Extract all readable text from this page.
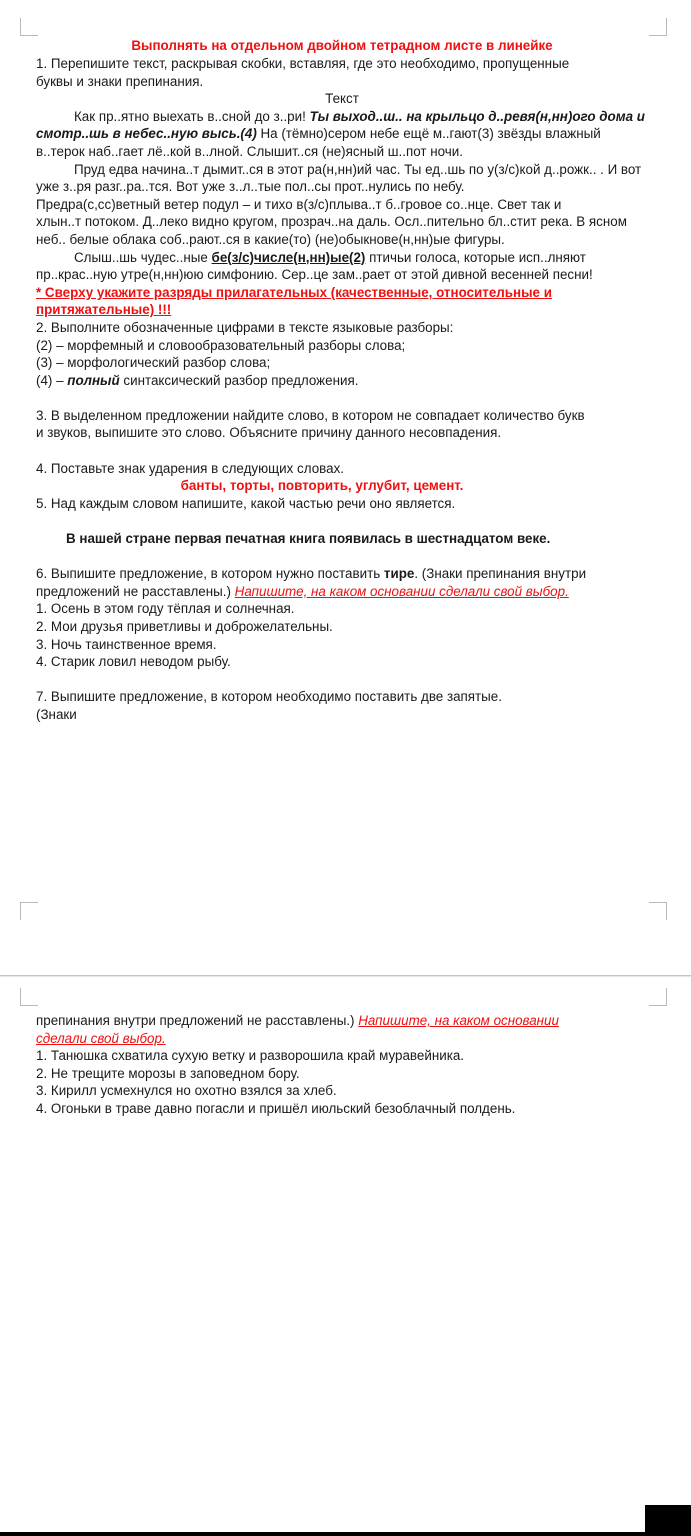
Выполнять на отдельном двойном тетрадном листе в линейке

1. Перепишите текст, раскрывая скобки, вставляя, где это необходимо, пропущенные

буквы и знаки препинания.

Текст

Как пр..ятно выехать в..сной до з..ри! Ты выход..ш.. на крыльцо д..ревя(н,нн)ого дома и смотр..шь в небес..ную высь.(4) На (тёмно)сером небе ещё м..гают(3) звёзды влажный в..терок наб..гает лё..кой в..лной. Слышит..ся (не)ясный ш..пот ночи.

Пруд едва начина..т дымит..ся в этот ра(н,нн)ий час. Ты ед..шь по у(з/с)кой д..рожк.. . И вот уже з..ря разг..ра..тся. Вот уже з..л..тые пол..сы прот..нулись по небу.

Предра(с,сс)ветный ветер подул – и тихо в(з/с)плыва..т б..гровое со..нце. Свет так и

хлын..т потоком. Д..леко видно кругом, прозрач..на даль. Осл..пительно бл..стит река. В ясном неб.. белые облака соб..рают..ся в какие(то) (не)обыкнове(н,нн)ые фигуры.

Слыш..шь чудес..ные бе(з/с)числе(н,нн)ые(2) птичьи голоса, которые исп..лняют пр..крас..ную утре(н,нн)юю симфонию. Сер..це зам..рает от этой дивной весенней песни!

* Сверху укажите разряды прилагательных (качественные, относительные и притяжательные) !!!

2. Выполните обозначенные цифрами в тексте языковые разборы:

(2) – морфемный и словообразовательный разборы слова;

(3) – морфологический разбор слова;

(4) – полный синтаксический разбор предложения.

3. В выделенном предложении найдите слово, в котором не совпадает количество букв

и звуков, выпишите это слово. Объясните причину данного несовпадения.

4. Поставьте знак ударения в следующих словах.

банты, торты, повторить, углубит, цемент.

5. Над каждым словом напишите, какой частью речи оно является.

В нашей стране первая печатная книга появилась в шестнадцатом веке.

6. Выпишите предложение, в котором нужно поставить тире. (Знаки препинания внутри предложений не расставлены.) Напишите, на каком основании сделали свой выбор.

1. Осень в этом году тёплая и солнечная.

2. Мои друзья приветливы и доброжелательны.

3. Ночь таинственное время.

4. Старик ловил неводом рыбу.

7. Выпишите предложение, в котором необходимо поставить две запятые.

(Знаки

препинания внутри предложений не расставлены.) Напишите, на каком основании

сделали свой выбор.

1. Танюшка схватила сухую ветку и разворошила край муравейника.

2. Не трещите морозы в заповедном бору.

3. Кирилл усмехнулся но охотно взялся за хлеб.

4. Огоньки в траве давно погасли и пришёл июльский безоблачный полдень.
